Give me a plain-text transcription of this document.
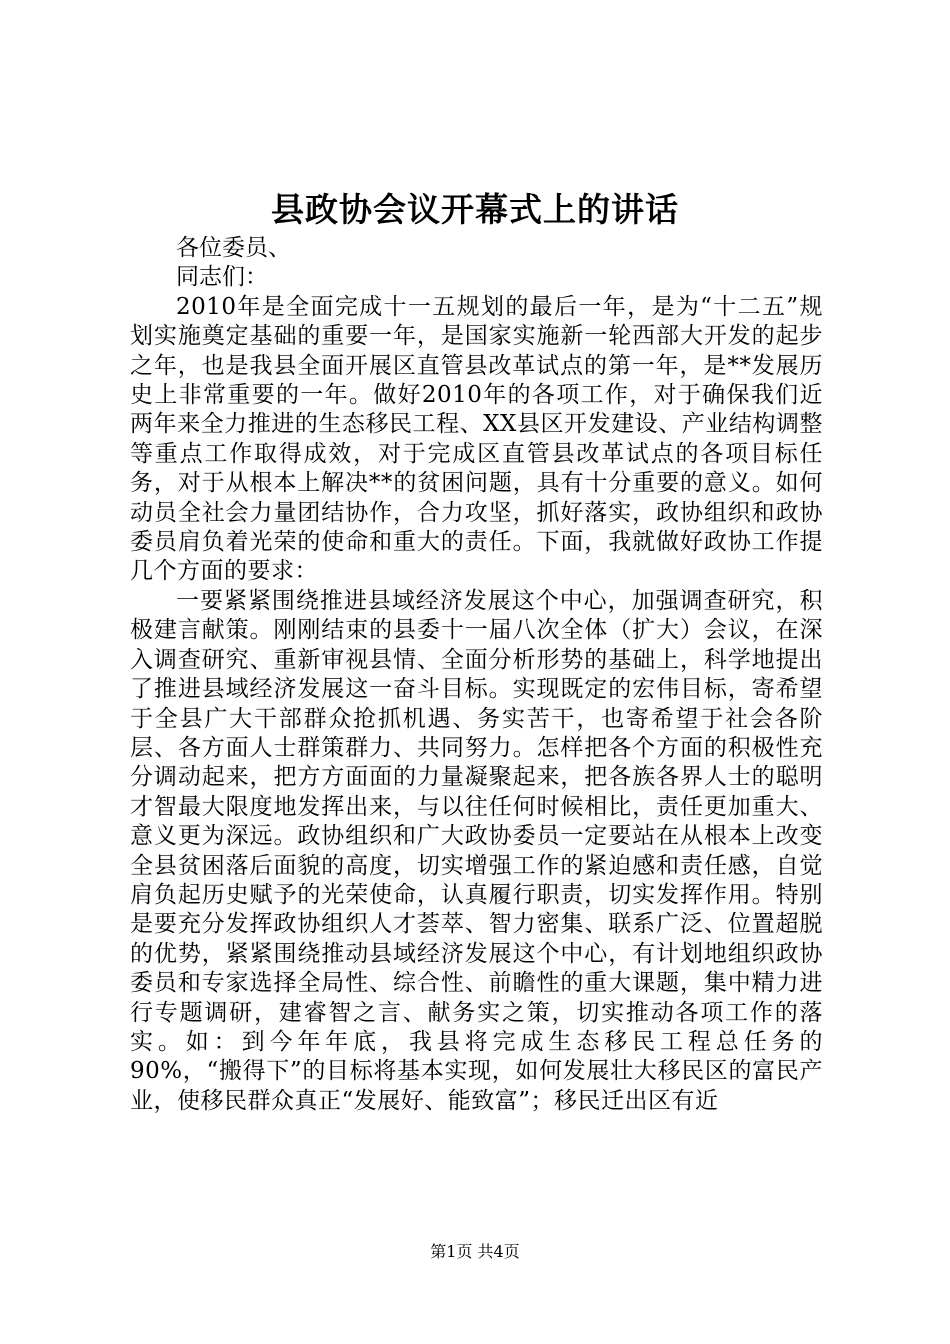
县政协会议开幕式上的讲话

各位委员、

同志们：

2010年是全面完成十一五规划的最后一年，是为“十二五”规划实施奠定基础的重要一年，是国家实施新一轮西部大开发的起步之年，也是我县全面开展区直管县改革试点的第一年，是**发展历史上非常重要的一年。做好2010年的各项工作，对于确保我们近两年来全力推进的生态移民工程、XX县区开发建设、产业结构调整等重点工作取得成效，对于完成区直管县改革试点的各项目标任务，对于从根本上解决**的贫困问题，具有十分重要的意义。如何动员全社会力量团结协作，合力攻坚，抓好落实，政协组织和政协委员肩负着光荣的使命和重大的责任。下面，我就做好政协工作提几个方面的要求：

一要紧紧围绕推进县域经济发展这个中心，加强调查研究，积极建言献策。刚刚结束的县委十一届八次全体（扩大）会议，在深入调查研究、重新审视县情、全面分析形势的基础上，科学地提出了推进县域经济发展这一奋斗目标。实现既定的宏伟目标，寄希望于全县广大干部群众抢抓机遇、务实苦干，也寄希望于社会各阶层、各方面人士群策群力、共同努力。怎样把各个方面的积极性充分调动起来，把方方面面的力量凝聚起来，把各族各界人士的聪明才智最大限度地发挥出来，与以往任何时候相比，责任更加重大、意义更为深远。政协组织和广大政协委员一定要站在从根本上改变全县贫困落后面貌的高度，切实增强工作的紧迫感和责任感，自觉肩负起历史赋予的光荣使命，认真履行职责，切实发挥作用。特别是要充分发挥政协组织人才荟萃、智力密集、联系广泛、位置超脱的优势，紧紧围绕推动县域经济发展这个中心，有计划地组织政协委员和专家选择全局性、综合性、前瞻性的重大课题，集中精力进行专题调研，建睿智之言、献务实之策，切实推动各项工作的落实。如：到今年年底，我县将完成生态移民工程总任务的90%，“搬得下”的目标将基本实现，如何发展壮大移民区的富民产业，使移民群众真正“发展好、能致富”；移民迁出区有近

第1页 共4页
